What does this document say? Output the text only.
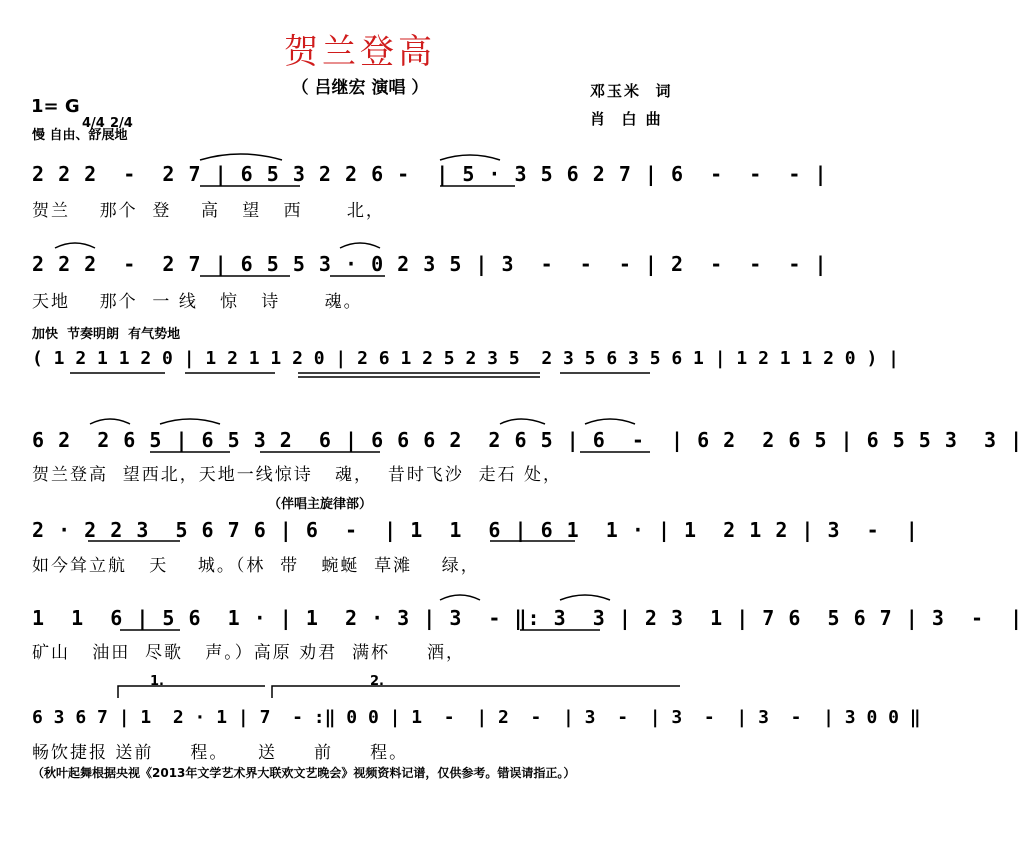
贺兰登高
（ 吕继宏 演唱 ）	邓玉米  词
肖  白 曲
1= G

4/4

2/4

慢 自由、舒展地
2 2 2  -  2 7 | 6 5 3 2 2 6 -  | 5 · 3 5 6 2 7 | 6  -  -  - |
贺兰    那个  登    高   望   西      北，
2 2 2  -  2 7 | 6 5 5 3 · 0 2 3 5 | 3  -  -  - | 2  -  -  - |
天地    那个  一 线   惊   诗      魂。
加快  节奏明朗  有气势地
( 1 2 1 1 2 0 | 1 2 1 1 2 0 | 2 6 1 2 5 2 3 5  2 3 5 6 3 5 6 1 | 1 2 1 1 2 0 ) |
6 2  2 6 5 | 6 5 3 2  6 | 6 6 6 2  2 6 5 | 6  -  | 6 2  2 6 5 | 6 5 5 3  3 |
贺兰登高  望西北，天地一线惊诗   魂，  昔时飞沙  走石 处，
（伴唱主旋律部）
2 · 2 2 3  5 6 7 6 | 6  -  | 1  1  6 | 6 1  1 · | 1  2 1 2 | 3  -  |
如今耸立航   天    城。（林  带   蜿蜒  草滩    绿，
1  1  6 | 5 6  1 · | 1  2 · 3 | 3  - ‖: 3  3 | 2 3  1 | 7 6  5 6 7 | 3  -  |
矿山   油田  尽歌   声。）高原 劝君  满杯     酒，
1.	2.
6 3 6 7 | 1  2 · 1 | 7  - :‖ 0 0 | 1  -  | 2  -  | 3  -  | 3  -  | 3  -  | 3 0 0 ‖
畅饮捷报 送前     程。    送     前     程。
（秋叶起舞根据央视《2013年文学艺术界大联欢文艺晚会》视频资料记谱，仅供参考。错误请指正。）
